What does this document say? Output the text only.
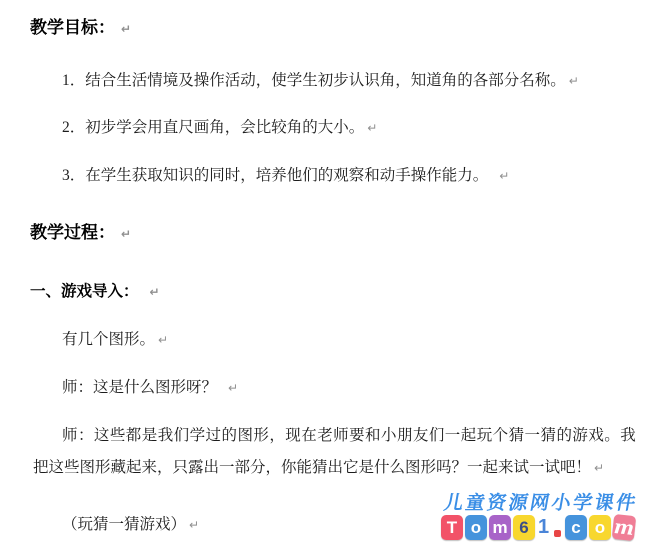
教学目标： ↵
1．结合生活情境及操作活动，使学生初步认识角，知道角的各部分名称。 ↵
2．初步学会用直尺画角，会比较角的大小。 ↵
3．在学生获取知识的同时，培养他们的观察和动手操作能力。 ↵
教学过程： ↵
一、游戏导入： ↵
有几个图形。 ↵
师：这是什么图形呀？ ↵
师：这些都是我们学过的图形，现在老师要和小朋友们一起玩个猜一猜的游戏。我
把这些图形藏起来，只露出一部分，你能猜出它是什么图形吗？一起来试一试吧！ ↵
（玩猜一猜游戏） ↵
儿童资源网小学课件
T o m 6 1	c o m
